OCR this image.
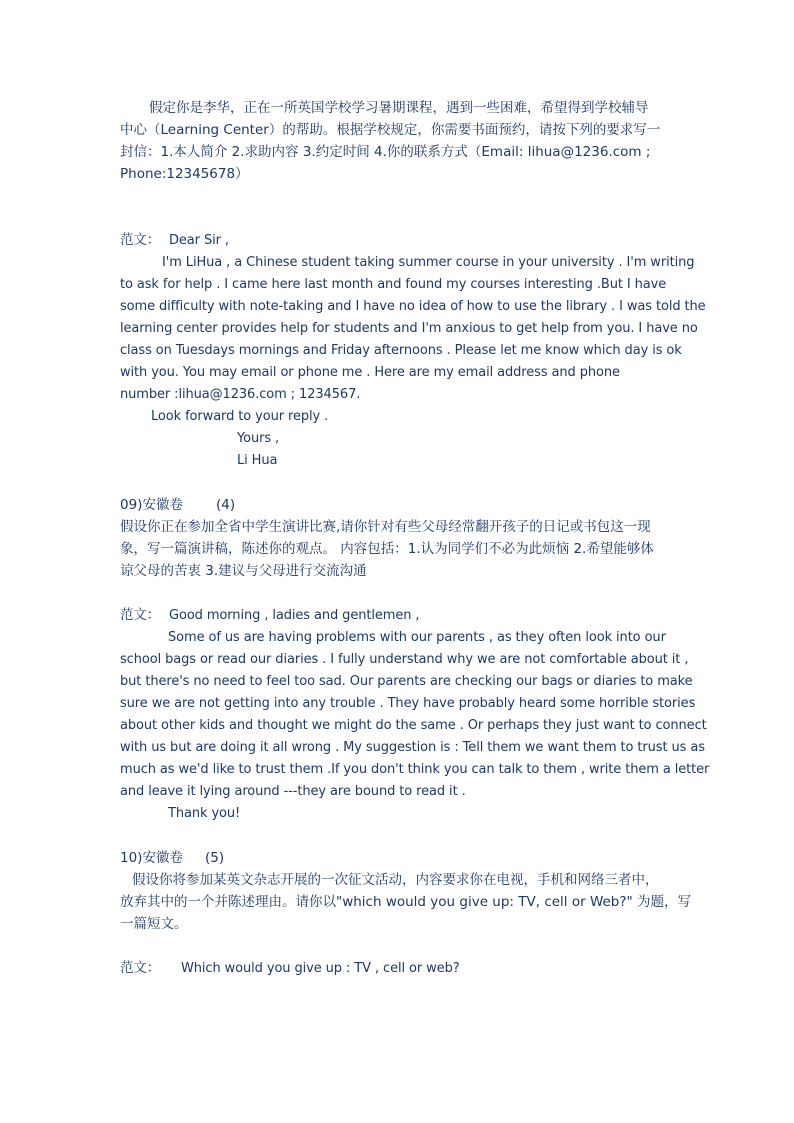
假定你是李华，正在一所英国学校学习暑期课程，遇到一些困难，希望得到学校辅导
中心（Learning Center）的帮助。根据学校规定，你需要书面预约，请按下列的要求写一
封信：1.本人简介 2.求助内容 3.约定时间 4.你的联系方式（Email: lihua@1236.com ;
Phone:12345678）
范文： Dear Sir ,
I'm LiHua , a Chinese student taking summer course in your university . I'm writing
to ask for help . I came here last month and found my courses interesting .But I have
some difficulty with note-taking and I have no idea of how to use the library . I was told the
learning center provides help for students and I'm anxious to get help from you. I have no
class on Tuesdays mornings and Friday afternoons . Please let me know which day is ok
with you. You may email or phone me . Here are my email address and phone
number :lihua@1236.com ; 1234567.
Look forward to your reply .
Yours ,
Li Hua
09)安徽卷 (4)
假设你正在参加全省中学生演讲比赛,请你针对有些父母经常翻开孩子的日记或书包这一现
象，写一篇演讲稿，陈述你的观点。 内容包括：1.认为同学们不必为此烦恼 2.希望能够体
谅父母的苦衷 3.建议与父母进行交流沟通
范文： Good morning , ladies and gentlemen ,
Some of us are having problems with our parents , as they often look into our
school bags or read our diaries . I fully understand why we are not comfortable about it ,
but there's no need to feel too sad. Our parents are checking our bags or diaries to make
sure we are not getting into any trouble . They have probably heard some horrible stories
about other kids and thought we might do the same . Or perhaps they just want to connect
with us but are doing it all wrong . My suggestion is : Tell them we want them to trust us as
much as we'd like to trust them .If you don't think you can talk to them , write them a letter
and leave it lying around ---they are bound to read it .
Thank you!
10)安徽卷 (5)
假设你将参加某英文杂志开展的一次征文活动，内容要求你在电视，手机和网络三者中，
放弃其中的一个并陈述理由。请你以"which would you give up: TV, cell or Web?" 为题，写
一篇短文。
范文： Which would you give up : TV , cell or web?
